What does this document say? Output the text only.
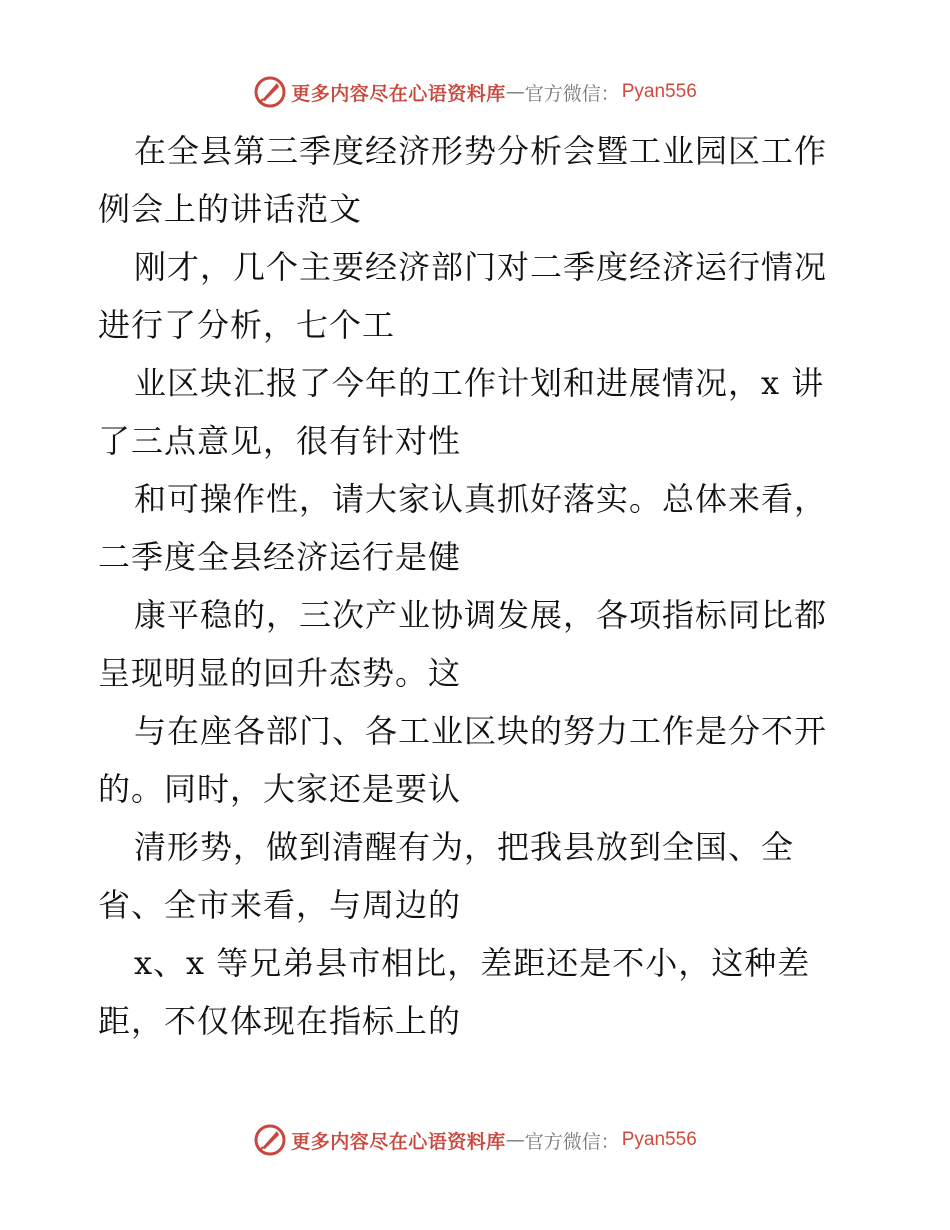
更多内容尽在心语资料库 — 官方微信： Pyan556
在全县第三季度经济形势分析会暨工业园区工作
例会上的讲话范文
刚才，几个主要经济部门对二季度经济运行情况
进行了分析，七个工
业区块汇报了今年的工作计划和进展情况，x 讲
了三点意见，很有针对性
和可操作性，请大家认真抓好落实。总体来看，
二季度全县经济运行是健
康平稳的，三次产业协调发展，各项指标同比都
呈现明显的回升态势。这
与在座各部门、各工业区块的努力工作是分不开
的。同时，大家还是要认
清形势，做到清醒有为，把我县放到全国、全
省、全市来看，与周边的
x、x 等兄弟县市相比，差距还是不小，这种差
距，不仅体现在指标上的
更多内容尽在心语资料库 — 官方微信： Pyan556
